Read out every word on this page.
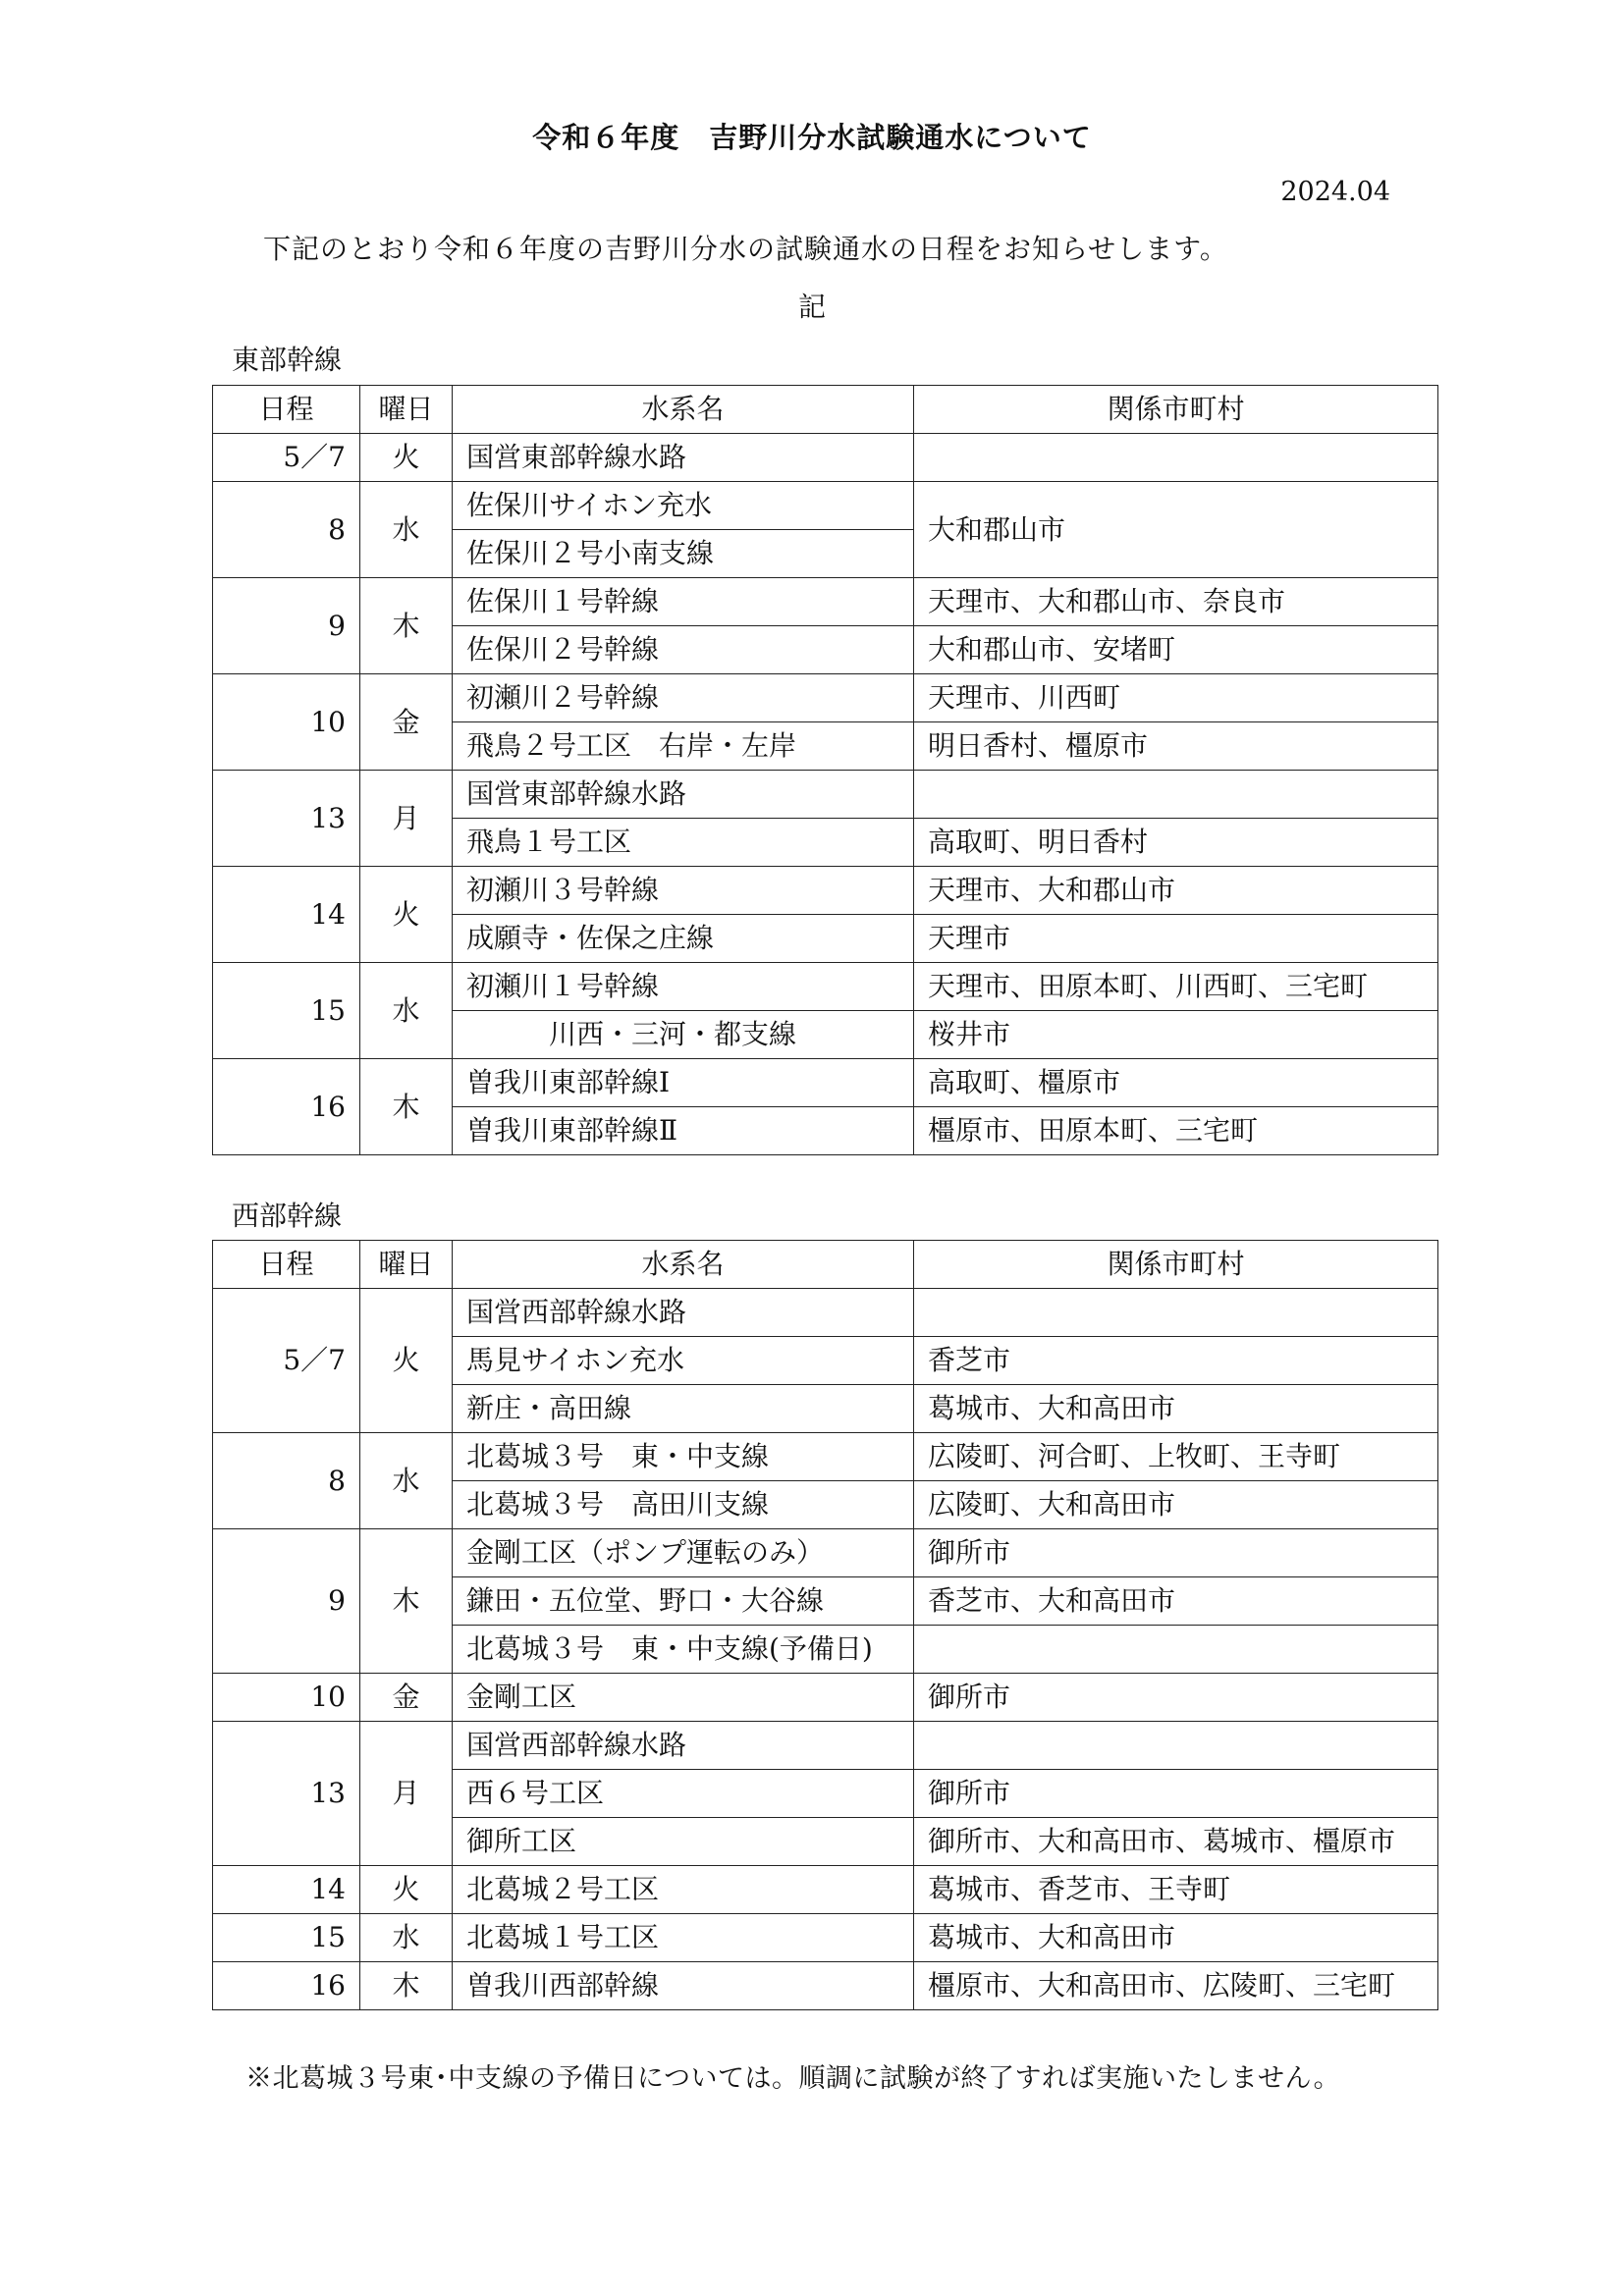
令和６年度　吉野川分水試験通水について
2024.04
下記のとおり令和６年度の吉野川分水の試験通水の日程をお知らせします。
記
東部幹線
日程	曜日	水系名	関係市町村
5／7	火	国営東部幹線水路	
8	水	佐保川サイホン充水	大和郡山市
		佐保川２号小南支線	
9	木	佐保川１号幹線	天理市、大和郡山市、奈良市
		佐保川２号幹線	大和郡山市、安堵町
10	金	初瀬川２号幹線	天理市、川西町
		飛鳥２号工区　右岸・左岸	明日香村、橿原市
13	月	国営東部幹線水路	
		飛鳥１号工区	高取町、明日香村
14	火	初瀬川３号幹線	天理市、大和郡山市
		成願寺・佐保之庄線	天理市
15	水	初瀬川１号幹線	天理市、田原本町、川西町、三宅町
		川西・三河・都支線	桜井市
16	木	曽我川東部幹線Ⅰ	高取町、橿原市
		曽我川東部幹線Ⅱ	橿原市、田原本町、三宅町
西部幹線
日程	曜日	水系名	関係市町村
5／7	火	国営西部幹線水路	
		馬見サイホン充水	香芝市
		新庄・高田線	葛城市、大和高田市
8	水	北葛城３号　東・中支線	広陵町、河合町、上牧町、王寺町
		北葛城３号　高田川支線	広陵町、大和高田市
9	木	金剛工区（ポンプ運転のみ）	御所市
		鎌田・五位堂、野口・大谷線	香芝市、大和高田市
		北葛城３号　東・中支線(予備日)	
10	金	金剛工区	御所市
13	月	国営西部幹線水路	
		西６号工区	御所市
		御所工区	御所市、大和高田市、葛城市、橿原市
14	火	北葛城２号工区	葛城市、香芝市、王寺町
15	水	北葛城１号工区	葛城市、大和高田市
16	木	曽我川西部幹線	橿原市、大和高田市、広陵町、三宅町
※北葛城３号東･中支線の予備日については。順調に試験が終了すれば実施いたしません。
